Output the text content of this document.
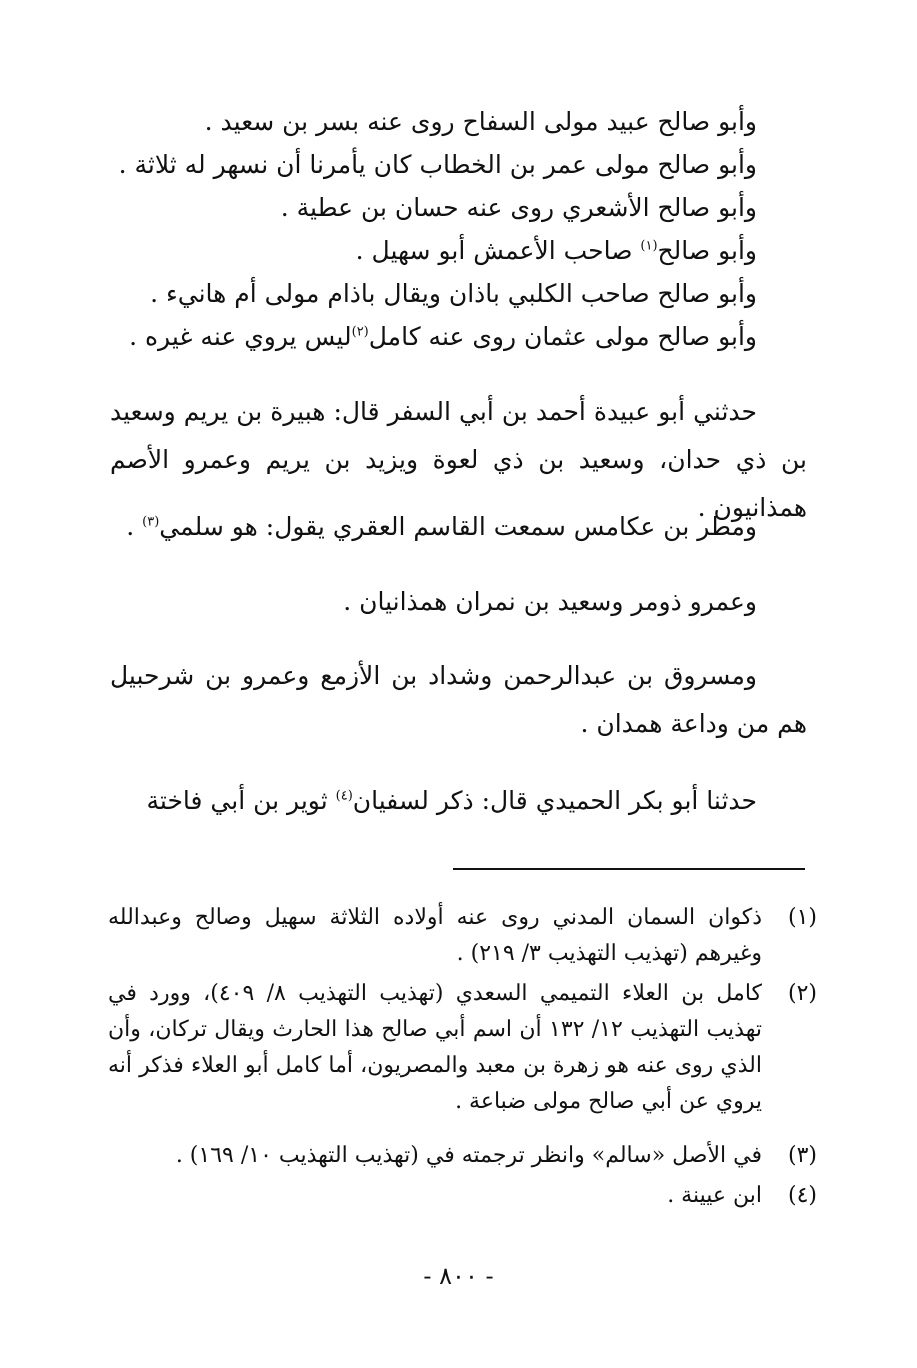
وأبو صالح عبيد مولى السفاح روى عنه بسر بن سعيد .
وأبو صالح مولى عمر بن الخطاب كان يأمرنا أن نسهر له ثلاثة .
وأبو صالح الأشعري روى عنه حسان بن عطية .
وأبو صالح$^{(١)}$ صاحب الأعمش أبو سهيل .
وأبو صالح صاحب الكلبي باذان ويقال باذام مولى أم هانيء .
وأبو صالح مولى عثمان روى عنه كامل$^{(٢)}$ليس يروي عنه غيره .
حدثني أبو عبيدة أحمد بن أبي السفر قال: هبيرة بن يريم وسعيد بن ذي حدان، وسعيد بن ذي لعوة ويزيد بن يريم وعمرو الأصم همذانيون .
ومطر بن عكامس سمعت القاسم العقري يقول: هو سلمي$^{(٣)}$ .
وعمرو ذومر وسعيد بن نمران همذانيان .
ومسروق بن عبدالرحمن وشداد بن الأزمع وعمرو بن شرحبيل هم من وداعة همدان .
حدثنا أبو بكر الحميدي قال: ذكر لسفيان$^{(٤)}$ ثوير بن أبي فاختة
(١)
ذكوان السمان المدني روى عنه أولاده الثلاثة سهيل وصالح وعبدالله وغيرهم (تهذيب التهذيب ٣/ ٢١٩) .
(٢)
كامل بن العلاء التميمي السعدي (تهذيب التهذيب ٨/ ٤٠٩)، وورد في تهذيب التهذيب ١٢/ ١٣٢ أن اسم أبي صالح هذا الحارث ويقال تركان، وأن الذي روى عنه هو زهرة بن معبد والمصريون، أما كامل أبو العلاء فذكر أنه يروي عن أبي صالح مولى ضباعة .
(٣)
في الأصل «سالم» وانظر ترجمته في (تهذيب التهذيب ١٠/ ١٦٩) .
(٤)
ابن عيينة .
- ٨٠٠ -
